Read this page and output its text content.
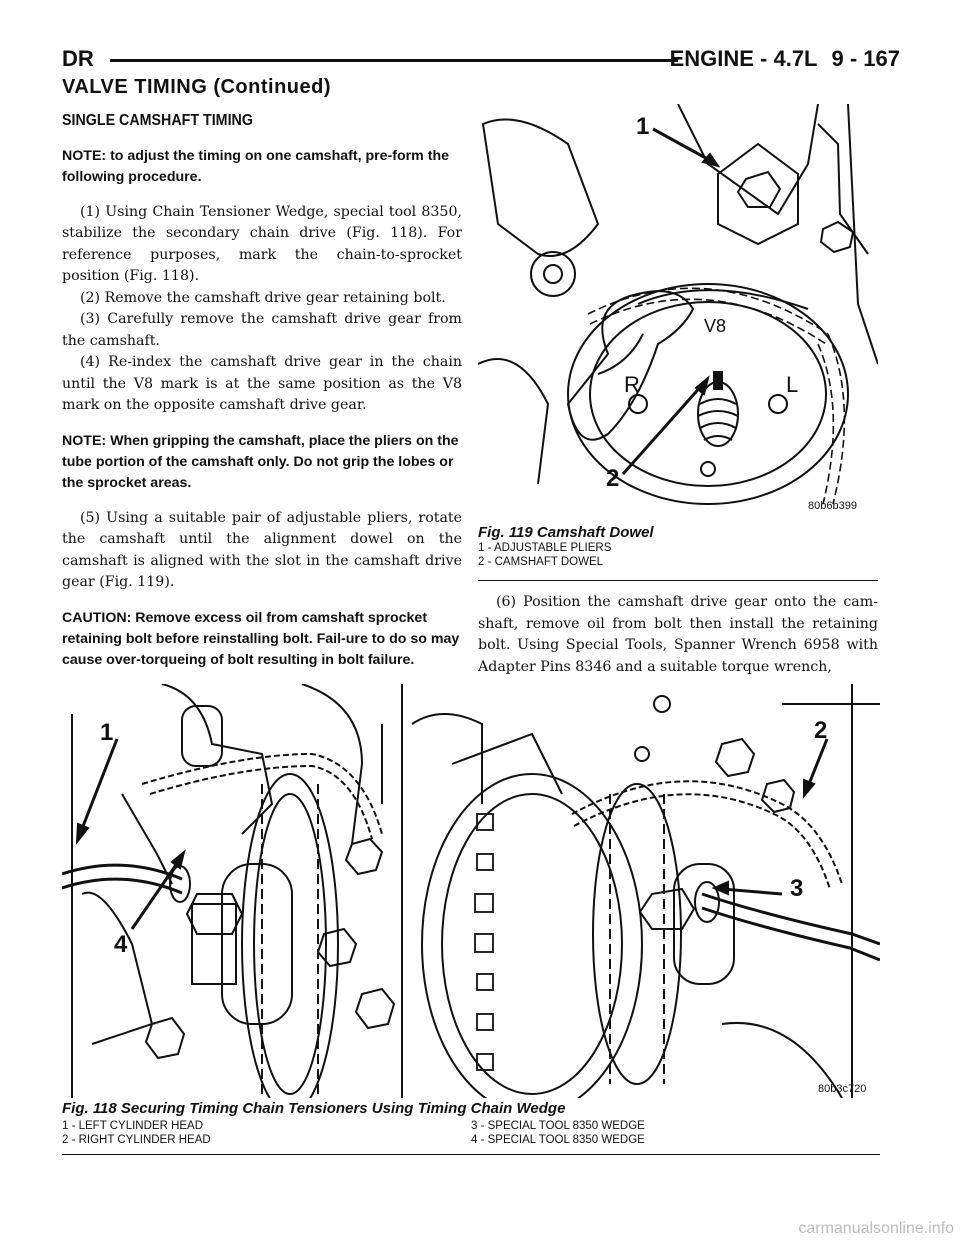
DR	ENGINE - 4.7L 9 - 167
VALVE TIMING (Continued)
SINGLE CAMSHAFT TIMING
NOTE: to adjust the timing on one camshaft, pre-form the following procedure.
(1) Using Chain Tensioner Wedge, special tool 8350, stabilize the secondary chain drive (Fig. 118). For reference purposes, mark the chain-to-sprocket position (Fig. 118).
(2) Remove the camshaft drive gear retaining bolt.
(3) Carefully remove the camshaft drive gear from the camshaft.
(4) Re-index the camshaft drive gear in the chain until the V8 mark is at the same position as the V8 mark on the opposite camshaft drive gear.
NOTE: When gripping the camshaft, place the pliers on the tube portion of the camshaft only. Do not grip the lobes or the sprocket areas.
(5) Using a suitable pair of adjustable pliers, rotate the camshaft until the alignment dowel on the camshaft is aligned with the slot in the camshaft drive gear (Fig. 119).
CAUTION: Remove excess oil from camshaft sprocket retaining bolt before reinstalling bolt. Fail-ure to do so may cause over-torqueing of bolt resulting in bolt failure.
1
2
V8
R	L
80b6b399
Fig. 119 Camshaft Dowel
1 - ADJUSTABLE PLIERS
2 - CAMSHAFT DOWEL
(6) Position the camshaft drive gear onto the cam-shaft, remove oil from bolt then install the retaining bolt. Using Special Tools, Spanner Wrench 6958 with Adapter Pins 8346 and a suitable torque wrench,
1	2
3
4
80b3c720
Fig. 118 Securing Timing Chain Tensioners Using Timing Chain Wedge
1 - LEFT CYLINDER HEAD
2 - RIGHT CYLINDER HEAD
3 - SPECIAL TOOL 8350 WEDGE
4 - SPECIAL TOOL 8350 WEDGE
carmanualsonline.info
